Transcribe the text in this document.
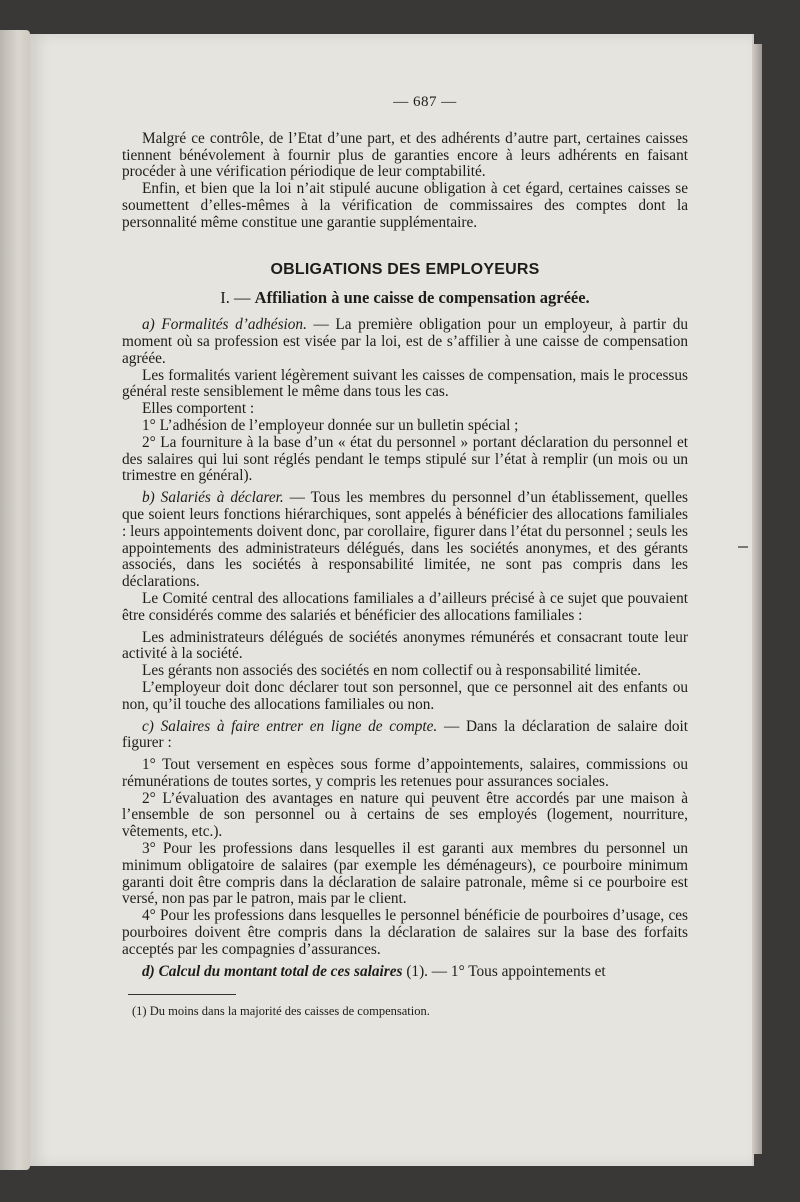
— 687 —

Malgré ce contrôle, de l’Etat d’une part, et des adhérents d’autre part, certaines caisses tiennent bénévolement à fournir plus de garanties encore à leurs adhérents en faisant procéder à une vérification périodique de leur comptabilité.

Enfin, et bien que la loi n’ait stipulé aucune obligation à cet égard, certaines caisses se soumettent d’elles-mêmes à la vérification de commissaires des comptes dont la personnalité même constitue une garantie supplémentaire.

OBLIGATIONS DES EMPLOYEURS
I. — Affiliation à une caisse de compensation agréée.

a) Formalités d’adhésion. — La première obligation pour un employeur, à partir du moment où sa profession est visée par la loi, est de s’affilier à une caisse de compensation agréée.

Les formalités varient légèrement suivant les caisses de compensation, mais le processus général reste sensiblement le même dans tous les cas.

Elles comportent :

1° L’adhésion de l’employeur donnée sur un bulletin spécial ;

2° La fourniture à la base d’un « état du personnel » portant déclaration du personnel et des salaires qui lui sont réglés pendant le temps stipulé sur l’état à remplir (un mois ou un trimestre en général).

b) Salariés à déclarer. — Tous les membres du personnel d’un établissement, quelles que soient leurs fonctions hiérarchiques, sont appelés à bénéficier des allocations familiales : leurs appointements doivent donc, par corollaire, figurer dans l’état du personnel ; seuls les appointements des administrateurs délégués, dans les sociétés anonymes, et des gérants associés, dans les sociétés à responsabilité limitée, ne sont pas compris dans les déclarations.

Le Comité central des allocations familiales a d’ailleurs précisé à ce sujet que pouvaient être considérés comme des salariés et bénéficier des allocations familiales :

Les administrateurs délégués de sociétés anonymes rémunérés et consacrant toute leur activité à la société.

Les gérants non associés des sociétés en nom collectif ou à responsabilité limitée.

L’employeur doit donc déclarer tout son personnel, que ce personnel ait des enfants ou non, qu’il touche des allocations familiales ou non.

c) Salaires à faire entrer en ligne de compte. — Dans la déclaration de salaire doit figurer :

1° Tout versement en espèces sous forme d’appointements, salaires, commissions ou rémunérations de toutes sortes, y compris les retenues pour assurances sociales.

2° L’évaluation des avantages en nature qui peuvent être accordés par une maison à l’ensemble de son personnel ou à certains de ses employés (logement, nourriture, vêtements, etc.).

3° Pour les professions dans lesquelles il est garanti aux membres du personnel un minimum obligatoire de salaires (par exemple les déménageurs), ce pourboire minimum garanti doit être compris dans la déclaration de salaire patronale, même si ce pourboire est versé, non pas par le patron, mais par le client.

4° Pour les professions dans lesquelles le personnel bénéficie de pourboires d’usage, ces pourboires doivent être compris dans la déclaration de salaires sur la base des forfaits acceptés par les compagnies d’assurances.

d) Calcul du montant total de ces salaires (1). — 1° Tous appointements et

(1) Du moins dans la majorité des caisses de compensation.
